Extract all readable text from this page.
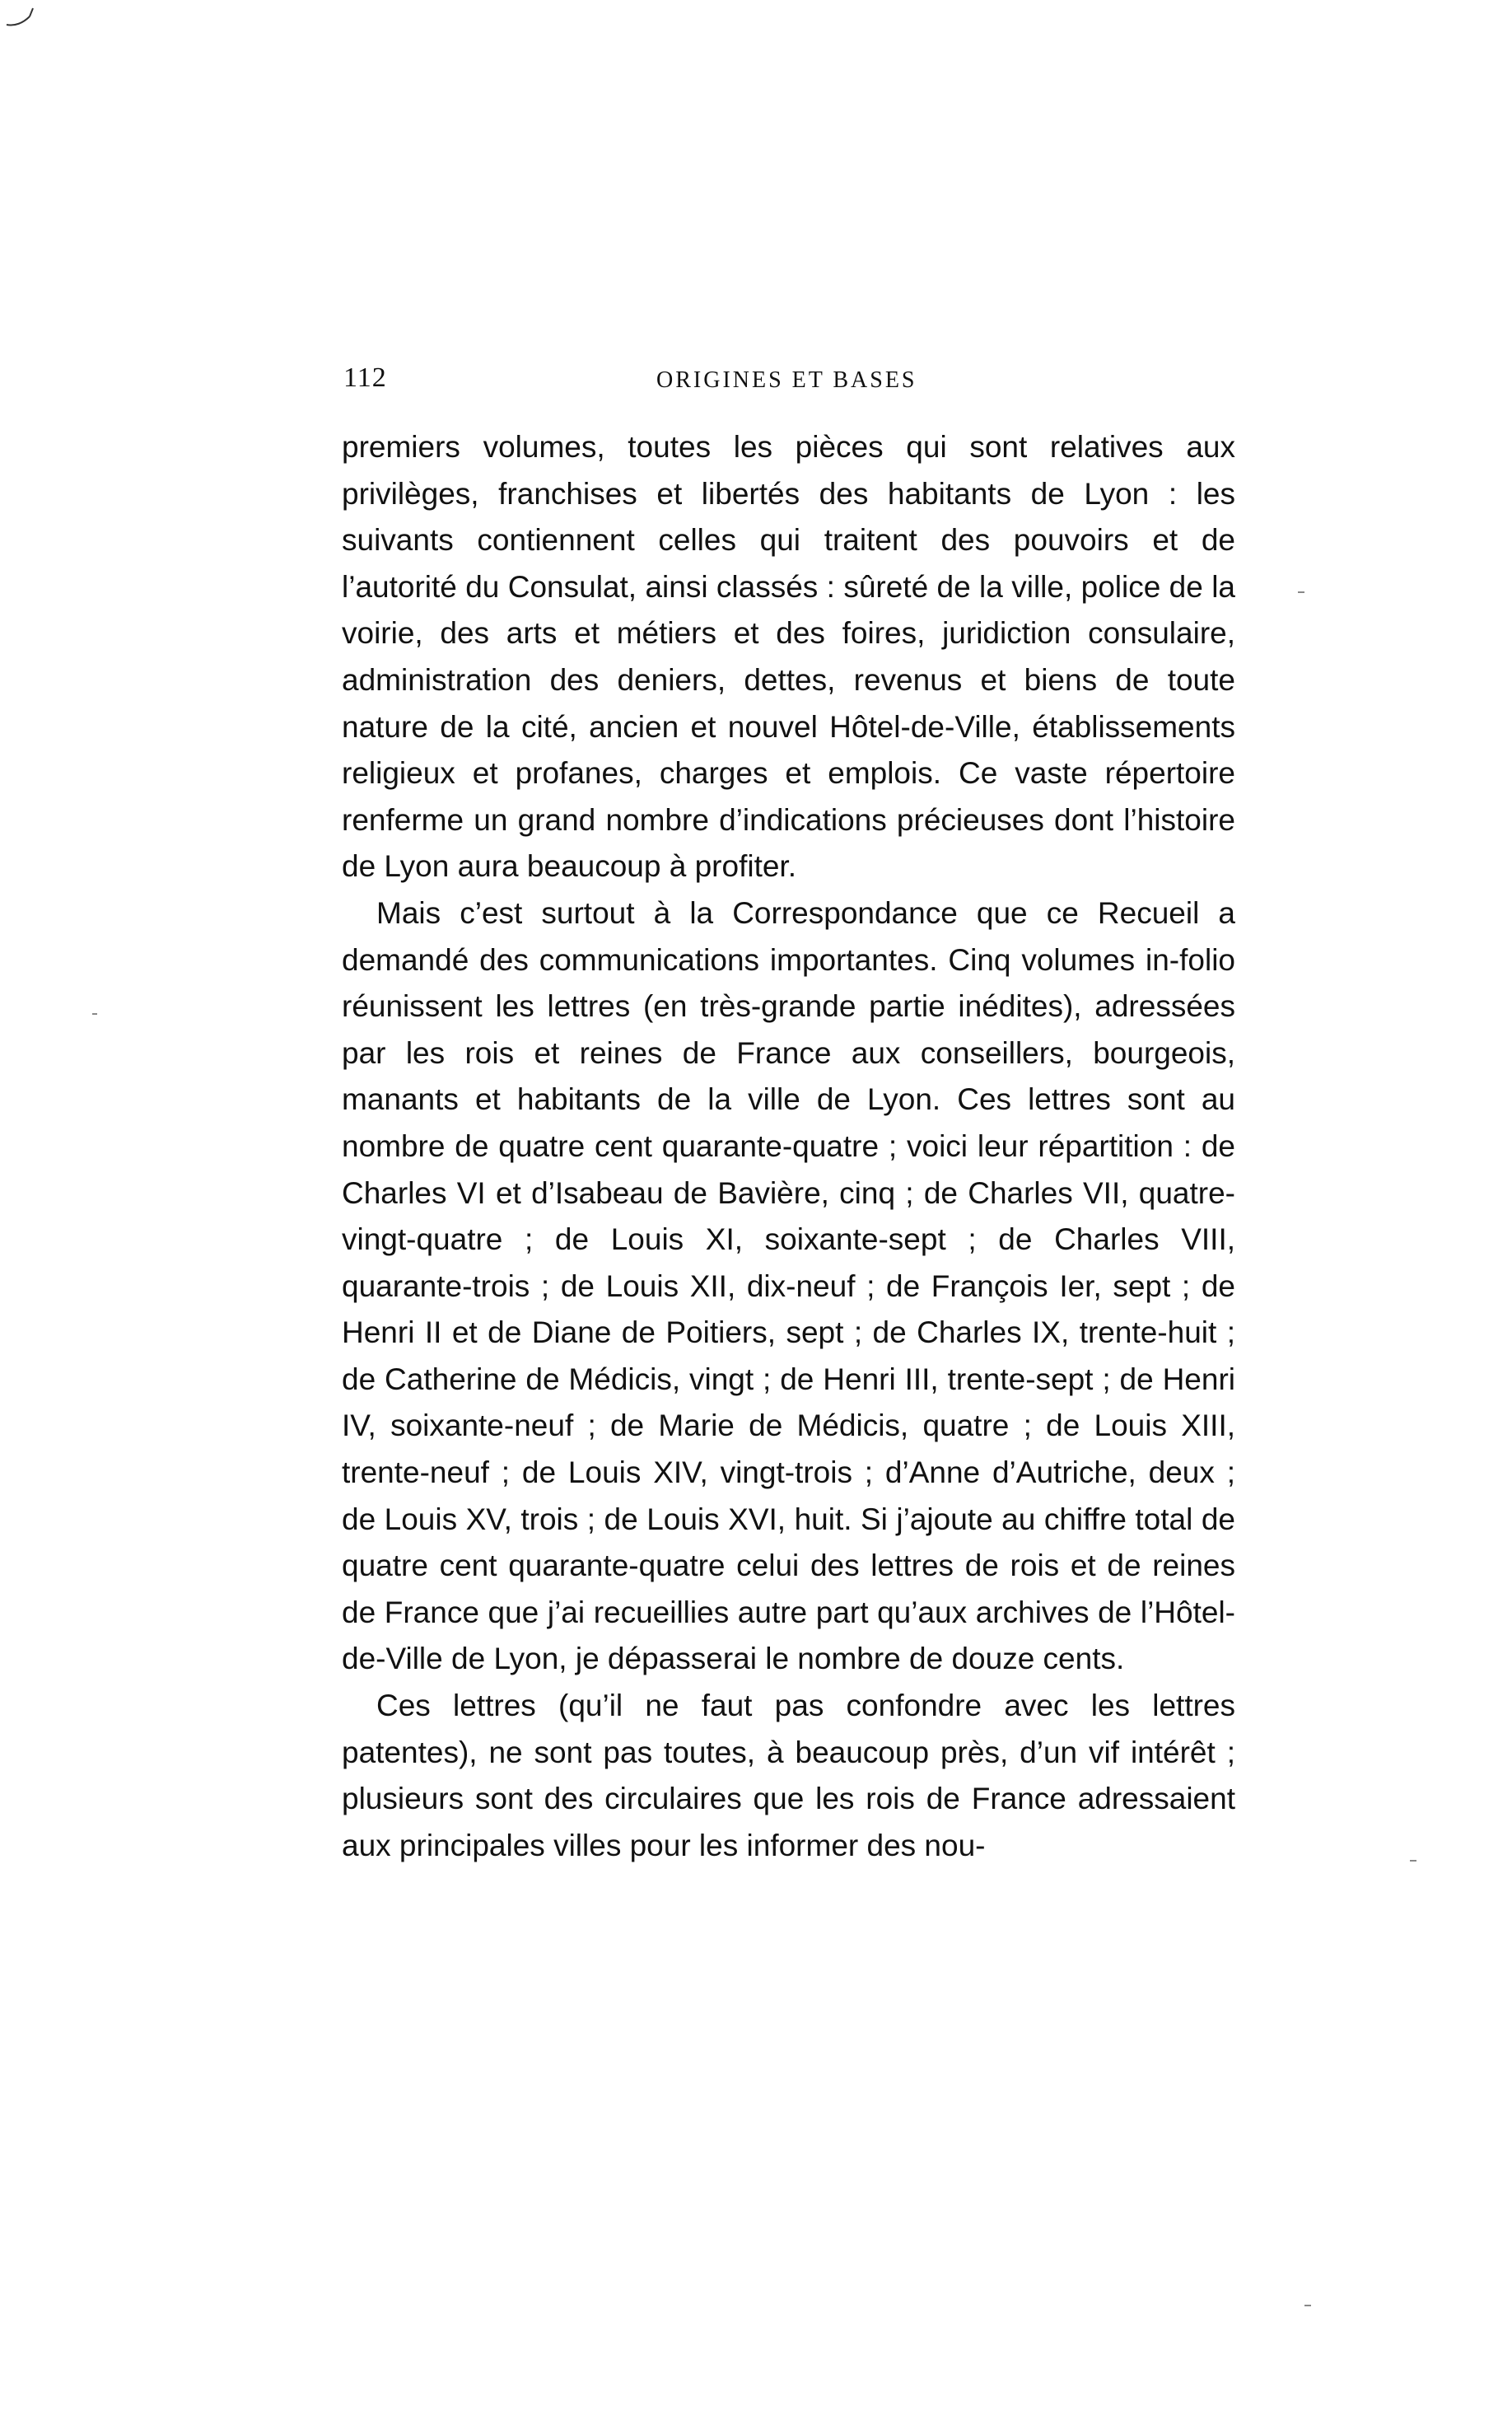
112	ORIGINES ET BASES

premiers volumes, toutes les pièces qui sont relatives aux privilèges, franchises et libertés des habitants de Lyon : les suivants contiennent celles qui traitent des pouvoirs et de l’autorité du Consulat, ainsi classés : sûreté de la ville, police de la voirie, des arts et métiers et des foires, juridiction consulaire, administration des deniers, dettes, revenus et biens de toute nature de la cité, ancien et nouvel Hôtel-de-Ville, établissements religieux et profanes, charges et emplois. Ce vaste répertoire renferme un grand nombre d’indications précieuses dont l’histoire de Lyon aura beaucoup à profiter.

Mais c’est surtout à la Correspondance que ce Recueil a demandé des communications importantes. Cinq volumes in-folio réunissent les lettres (en très-grande partie inédites), adressées par les rois et reines de France aux conseillers, bourgeois, manants et habitants de la ville de Lyon. Ces lettres sont au nombre de quatre cent quarante-quatre ; voici leur répartition : de Charles VI et d’Isabeau de Bavière, cinq ; de Charles VII, quatre-vingt-quatre ; de Louis XI, soixante-sept ; de Charles VIII, quarante-trois ; de Louis XII, dix-neuf ; de François Ier, sept ; de Henri II et de Diane de Poitiers, sept ; de Charles IX, trente-huit ; de Catherine de Médicis, vingt ; de Henri III, trente-sept ; de Henri IV, soixante-neuf ; de Marie de Médicis, quatre ; de Louis XIII, trente-neuf ; de Louis XIV, vingt-trois ; d’Anne d’Autriche, deux ; de Louis XV, trois ; de Louis XVI, huit. Si j’ajoute au chiffre total de quatre cent quarante-quatre celui des lettres de rois et de reines de France que j’ai recueillies autre part qu’aux archives de l’Hôtel-de-Ville de Lyon, je dépasserai le nombre de douze cents.

Ces lettres (qu’il ne faut pas confondre avec les lettres patentes), ne sont pas toutes, à beaucoup près, d’un vif intérêt ; plusieurs sont des circulaires que les rois de France adressaient aux principales villes pour les informer des nou-
